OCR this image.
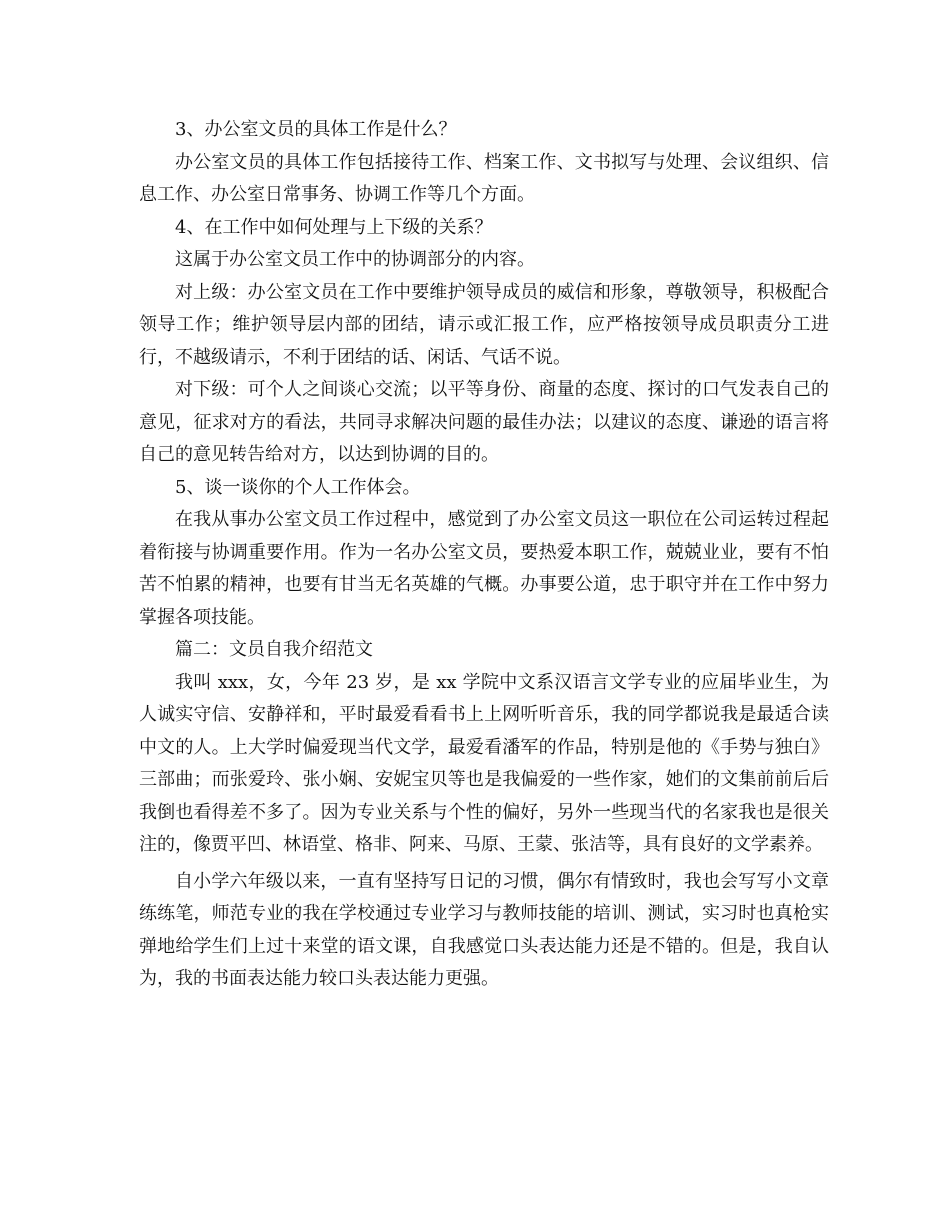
3、办公室文员的具体工作是什么？

办公室文员的具体工作包括接待工作、档案工作、文书拟写与处理、会议组织、信息工作、办公室日常事务、协调工作等几个方面。

4、在工作中如何处理与上下级的关系？

这属于办公室文员工作中的协调部分的内容。

对上级：办公室文员在工作中要维护领导成员的威信和形象，尊敬领导，积极配合领导工作；维护领导层内部的团结，请示或汇报工作，应严格按领导成员职责分工进行，不越级请示，不利于团结的话、闲话、气话不说。

对下级：可个人之间谈心交流；以平等身份、商量的态度、探讨的口气发表自己的意见，征求对方的看法，共同寻求解决问题的最佳办法；以建议的态度、谦逊的语言将自己的意见转告给对方，以达到协调的目的。

5、谈一谈你的个人工作体会。

在我从事办公室文员工作过程中，感觉到了办公室文员这一职位在公司运转过程起着衔接与协调重要作用。作为一名办公室文员，要热爱本职工作，兢兢业业，要有不怕苦不怕累的精神，也要有甘当无名英雄的气概。办事要公道，忠于职守并在工作中努力掌握各项技能。

篇二：文员自我介绍范文

我叫 xxx，女，今年 23 岁，是 xx 学院中文系汉语言文学专业的应届毕业生，为人诚实守信、安静祥和，平时最爱看看书上上网听听音乐，我的同学都说我是最适合读中文的人。上大学时偏爱现当代文学，最爱看潘军的作品，特别是他的《手势与独白》三部曲；而张爱玲、张小娴、安妮宝贝等也是我偏爱的一些作家，她们的文集前前后后我倒也看得差不多了。因为专业关系与个性的偏好，另外一些现当代的名家我也是很关注的，像贾平凹、林语堂、格非、阿来、马原、王蒙、张洁等，具有良好的文学素养。

自小学六年级以来，一直有坚持写日记的习惯，偶尔有情致时，我也会写写小文章练练笔，师范专业的我在学校通过专业学习与教师技能的培训、测试，实习时也真枪实弹地给学生们上过十来堂的语文课，自我感觉口头表达能力还是不错的。但是，我自认为，我的书面表达能力较口头表达能力更强。
